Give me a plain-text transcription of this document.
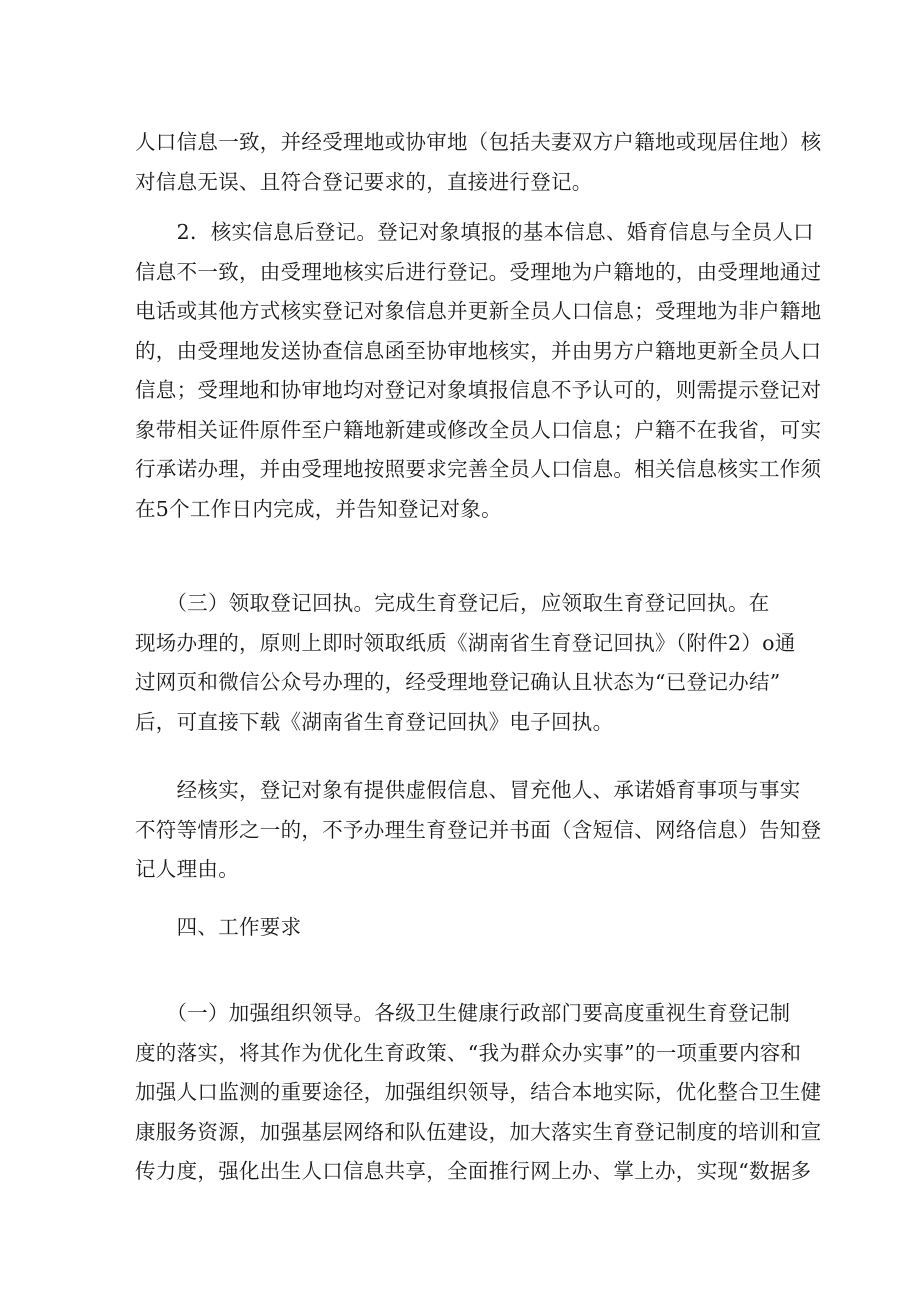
人口信息一致，并经受理地或协审地（包括夫妻双方户籍地或现居住地）核
对信息无误、且符合登记要求的，直接进行登记。
　　2．核实信息后登记。登记对象填报的基本信息、婚育信息与全员人口
信息不一致，由受理地核实后进行登记。受理地为户籍地的，由受理地通过
电话或其他方式核实登记对象信息并更新全员人口信息；受理地为非户籍地
的，由受理地发送协查信息函至协审地核实，并由男方户籍地更新全员人口
信息；受理地和协审地均对登记对象填报信息不予认可的，则需提示登记对
象带相关证件原件至户籍地新建或修改全员人口信息；户籍不在我省，可实
行承诺办理，并由受理地按照要求完善全员人口信息。相关信息核实工作须
在5个工作日内完成，并告知登记对象。
　　（三）领取登记回执。完成生育登记后，应领取生育登记回执。在
现场办理的，原则上即时领取纸质《湖南省生育登记回执》（附件2）o通
过网页和微信公众号办理的，经受理地登记确认且状态为“已登记办结”
后，可直接下载《湖南省生育登记回执》电子回执。
　　经核实，登记对象有提供虚假信息、冒充他人、承诺婚育事项与事实
不符等情形之一的，不予办理生育登记并书面（含短信、网络信息）告知登
记人理由。
　　四、工作要求
　　（一）加强组织领导。各级卫生健康行政部门要高度重视生育登记制
度的落实，将其作为优化生育政策、“我为群众办实事”的一项重要内容和
加强人口监测的重要途径，加强组织领导，结合本地实际，优化整合卫生健
康服务资源，加强基层网络和队伍建设，加大落实生育登记制度的培训和宣
传力度，强化出生人口信息共享，全面推行网上办、掌上办，实现“数据多
